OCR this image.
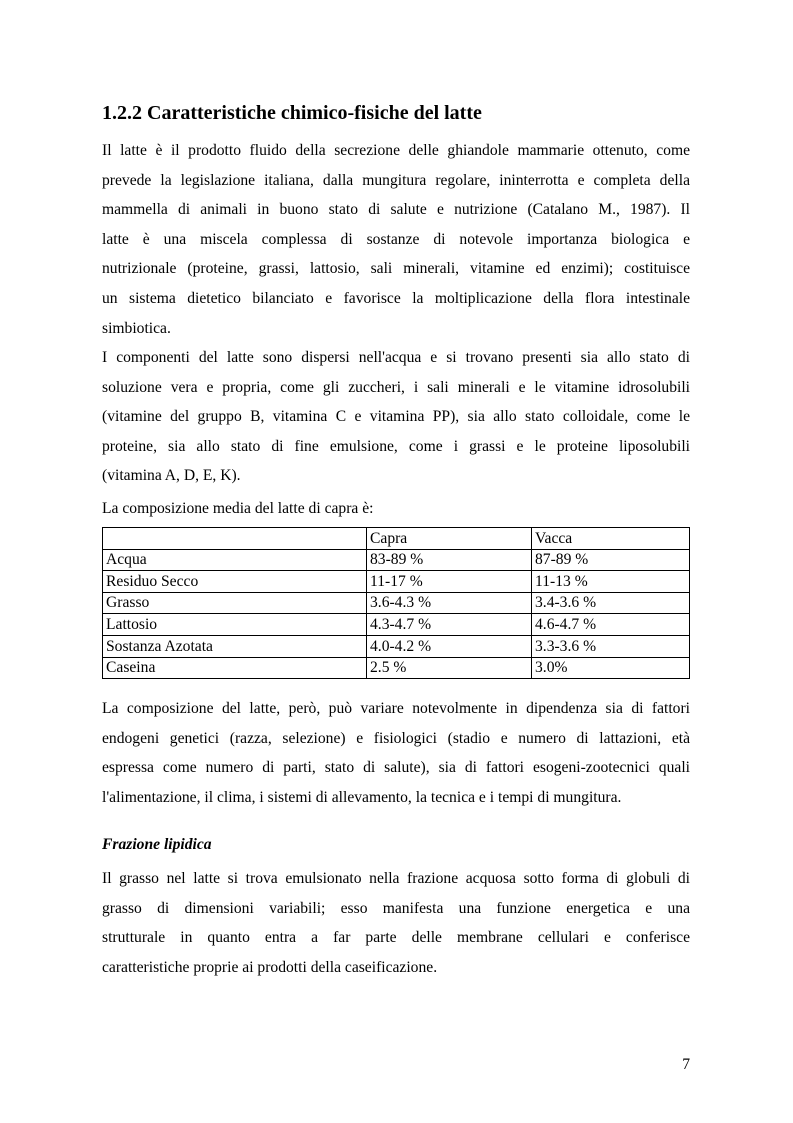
1.2.2 Caratteristiche chimico-fisiche del latte
Il latte è il prodotto fluido della secrezione delle ghiandole mammarie ottenuto, come
prevede la legislazione italiana, dalla mungitura regolare, ininterrotta e completa della
mammella di animali in buono stato di salute e nutrizione (Catalano M., 1987). Il
latte è una miscela complessa di sostanze di notevole importanza biologica e
nutrizionale (proteine, grassi, lattosio, sali minerali, vitamine ed enzimi); costituisce
un sistema dietetico bilanciato e favorisce la moltiplicazione della flora intestinale
simbiotica.
I componenti del latte sono dispersi nell'acqua e si trovano presenti sia allo stato di
soluzione vera e propria, come gli zuccheri, i sali minerali e le vitamine idrosolubili
(vitamine del gruppo B, vitamina C e vitamina PP), sia allo stato colloidale, come le
proteine, sia allo stato di fine emulsione, come i grassi e le proteine liposolubili
(vitamina A, D, E, K).
La composizione media del latte di capra è:
	Capra	Vacca
Acqua	83-89 %	87-89 %
Residuo Secco	11-17 %	11-13 %
Grasso	3.6-4.3 %	3.4-3.6 %
Lattosio	4.3-4.7 %	4.6-4.7 %
Sostanza Azotata	4.0-4.2 %	3.3-3.6 %
Caseina	2.5 %	3.0%
La composizione del latte, però, può variare notevolmente in dipendenza sia di fattori
endogeni genetici (razza, selezione) e fisiologici (stadio e numero di lattazioni, età
espressa come numero di parti, stato di salute), sia di fattori esogeni-zootecnici quali
l'alimentazione, il clima, i sistemi di allevamento, la tecnica e i tempi di mungitura.
Frazione lipidica
Il grasso nel latte si trova emulsionato nella frazione acquosa sotto forma di globuli di
grasso di dimensioni variabili; esso manifesta una funzione energetica e una
strutturale in quanto entra a far parte delle membrane cellulari e conferisce
caratteristiche proprie ai prodotti della caseificazione.
7
